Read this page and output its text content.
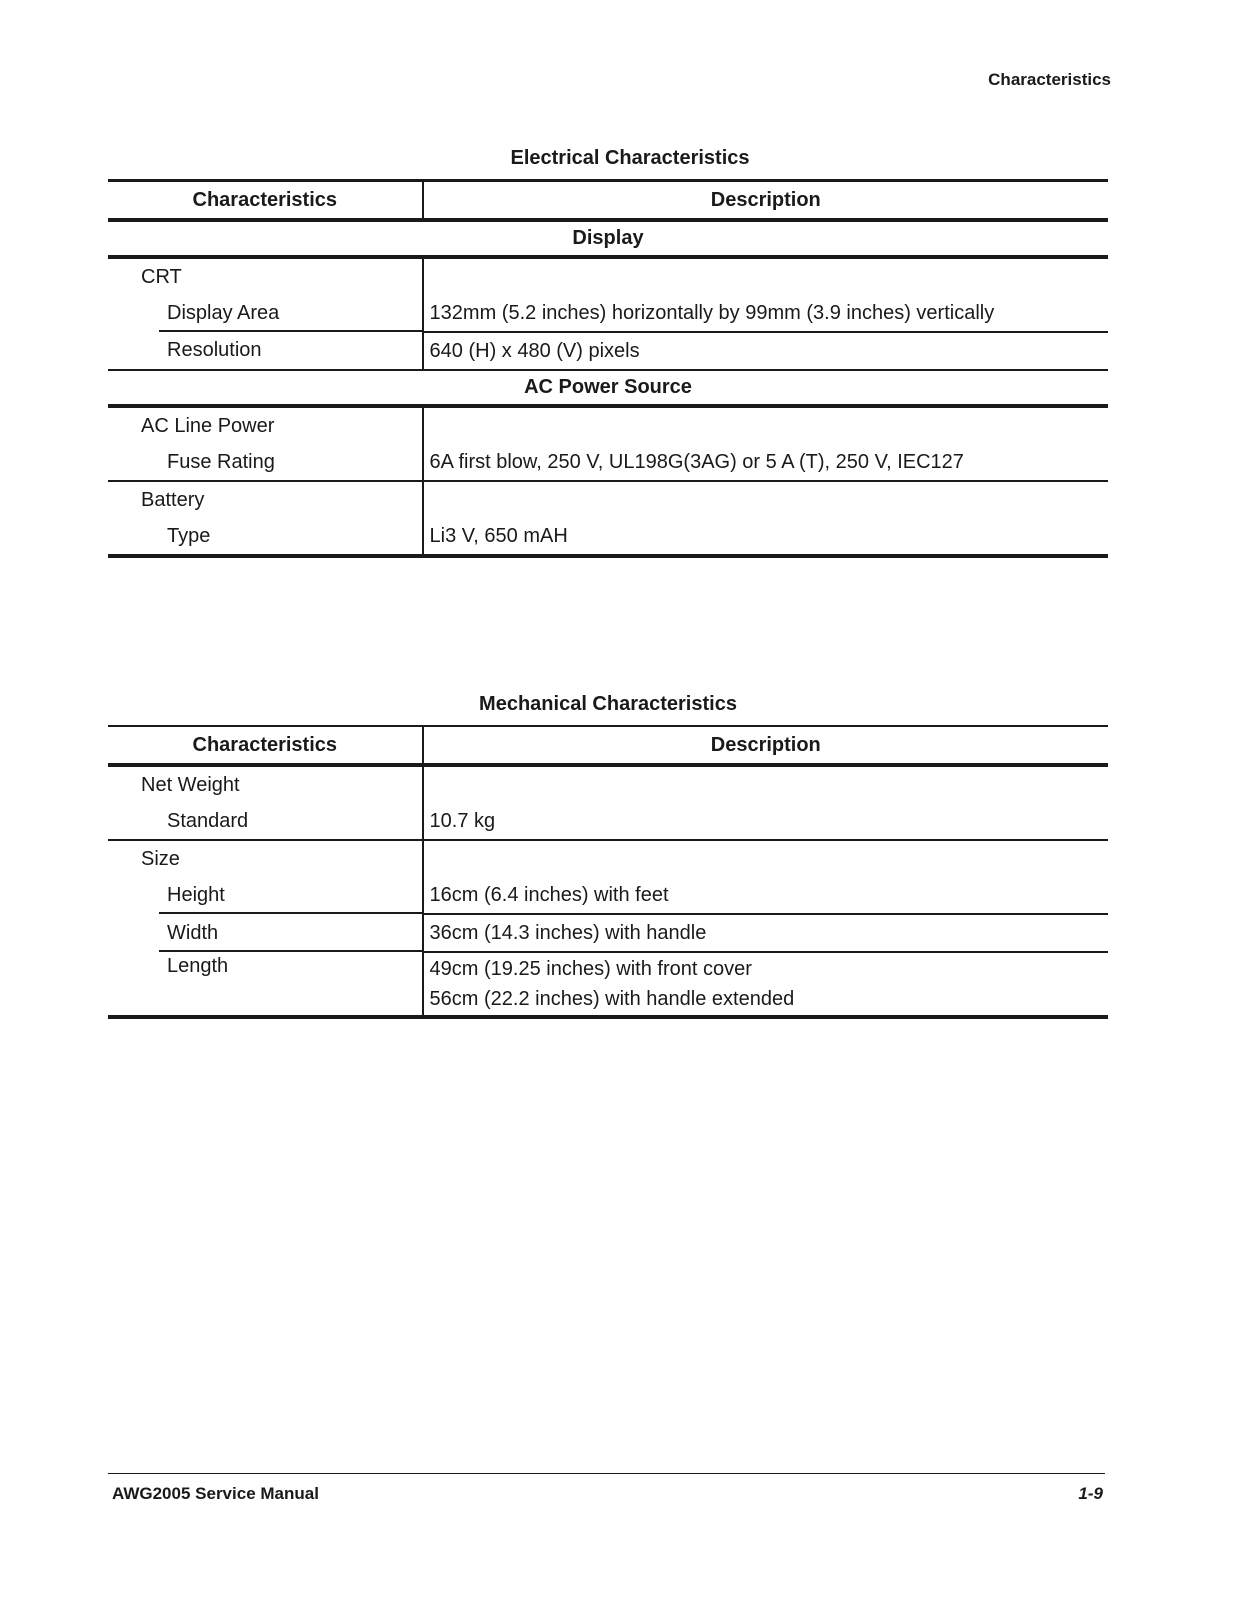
Characteristics
Electrical Characteristics
Characteristics	Description
Display	
CRT	
Display Area	132mm (5.2 inches) horizontally by 99mm (3.9 inches) vertically
Resolution	640 (H) x 480 (V) pixels
AC Power Source	
AC Line Power	
Fuse Rating	6A first blow, 250 V, UL198G(3AG) or 5 A (T), 250 V, IEC127
Battery	
Type	Li3 V, 650 mAH
Mechanical Characteristics
Characteristics	Description
Net Weight	
Standard	10.7 kg
Size	
Height	16cm (6.4 inches) with feet
Width	36cm (14.3 inches) with handle
Length	49cm (19.25 inches) with front cover
56cm (22.2 inches) with handle extended
AWG2005 Service Manual	1-9
